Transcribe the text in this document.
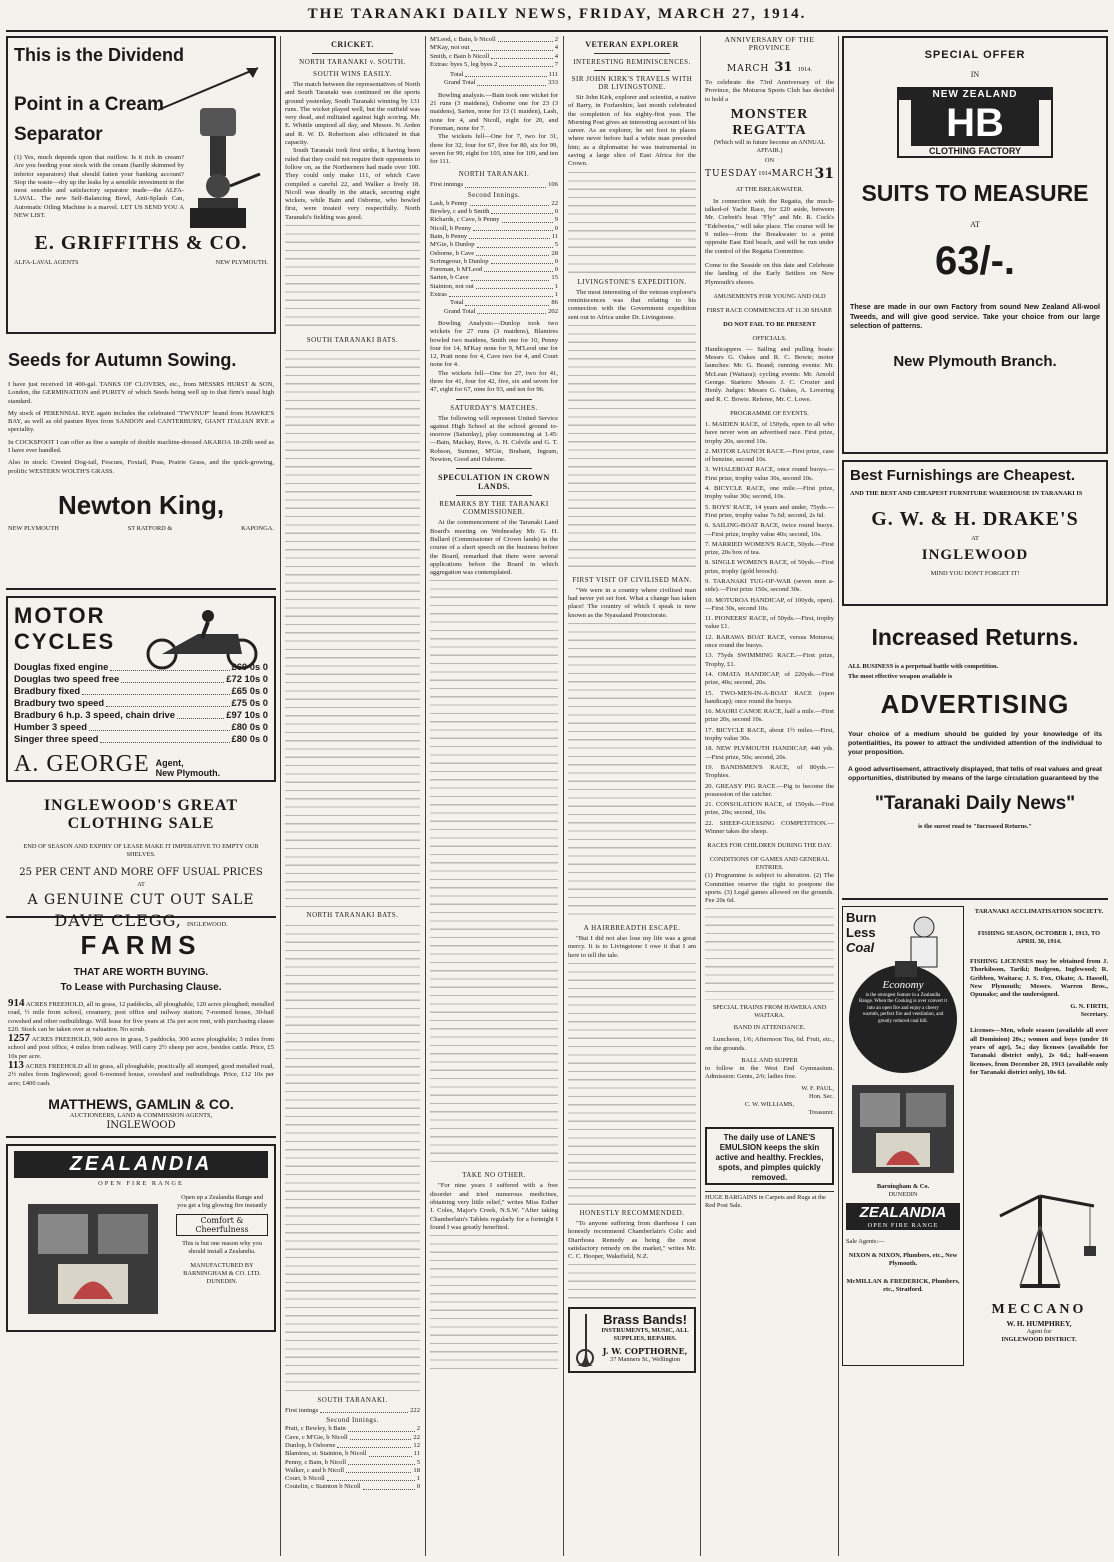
THE TARANAKI DAILY NEWS, FRIDAY, MARCH 27, 1914.
This is the Dividend
Point in a Cream
Separator

(1) Yes, much depends upon that outflow. Is it rich in cream? Are you feeding your stock with the cream (hardly skimmed by inferior separators) that should fatten your banking account? Stop the waste—dry up the leaks by a sensible investment in the most sensible and satisfactory separator made—the ALFA-LAVAL. The new Self-Balancing Bowl, Anti-Splash Can, Automatic Oiling Machine is a marvel. LET US SEND YOU A NEW LIST.

E. GRIFFITHS & CO.
ALFA-LAVAL AGENTS	NEW PLYMOUTH.
Seeds for Autumn Sowing.

I have just received 18 400-gal. TANKS OF CLOVERS, etc., from MESSRS HURST & SON, London, the GERMINATION and PURITY of which Seeds being well up to that firm's usual high standard.

My stock of PERENNIAL RYE again includes the celebrated "TWYNUP" brand from HAWKE'S BAY, as well as old pasture Ryes from SANDON and CANTERBURY, GIANT ITALIAN RYE a speciality.

In COCKSFOOT I can offer as fine a sample of double machine-dressed AKAROA 18-20lb seed as I have ever handled.

Also in stock: Crested Dog-tail, Fescues, Foxtail, Poas, Prairie Grass, and the quick-growing, prolific WESTERN WOLTH'S GRASS.

Newton King,
NEW PLYMOUTH	ST RATFORD &	KAPONGA.
MOTOR
CYCLES
Douglas fixed engine	£60 0s 0
Douglas two speed free	£72 10s 0
Bradbury fixed	£65 0s 0
Bradbury two speed	£75 0s 0
Bradbury 6 h.p. 3 speed, chain drive	£97 10s 0
Humber 3 speed	£80 0s 0
Singer three speed	£80 0s 0
A. GEORGE Agent,
New Plymouth.
INGLEWOOD'S GREAT CLOTHING SALE
END OF SEASON AND EXPIRY OF LEASE MAKE IT IMPERATIVE TO EMPTY OUR SHELVES.
25 PER CENT AND MORE OFF USUAL PRICES
AT
A GENUINE CUT OUT SALE
DAVE CLEGG, INGLEWOOD.
FARMS
THAT ARE WORTH BUYING.
To Lease with Purchasing Clause.

914 ACRES FREEHOLD, all in grass, 12 paddocks, all ploughable, 120 acres ploughed; metalled road, ½ mile from school, creamery, post office and railway station; 7-roomed house, 30-bail cowshed and other outbuildings. Will lease for five years at 15s per acre rent, with purchasing clause £20. Stock can be taken over at valuation. No scrub.

1257 ACRES FREEHOLD, 900 acres in grass, 5 paddocks, 300 acres ploughable; 3 miles from school and post office, 4 miles from railway. Will carry 2½ sheep per acre, besides cattle. Price, £5 10s per acre.

113 ACRES FREEHOLD all in grass, all ploughable, practically all stumped, good metalled road, 2½ miles from Inglewood; good 6-roomed house, cowshed and outbuildings. Price, £12 10s per acre; £400 cash.

MATTHEWS, GAMLIN & CO.
AUCTIONEERS, LAND & COMMISSION AGENTS,
INGLEWOOD
ZEALANDIA
OPEN FIRE RANGE
Open up a Zealandia Range and you get a big glowing fire instantly
Comfort & Cheerfulness
This is but one reason why you should install a Zealandia.
MANUFACTURED BY BARNINGHAM & CO. LTD. DUNEDIN.
CRICKET.
NORTH TARANAKI v. SOUTH.
SOUTH WINS EASILY.

The match between the representatives of North and South Taranaki was continued on the sports ground yesterday, South Taranaki winning by 131 runs. The wicket played well, but the outfield was very dead, and militated against high scoring. Mr. E. Whittle umpired all day, and Messrs. N. Arden and R. W. D. Robertson also officiated in that capacity.

South Taranaki took first strike, it having been ruled that they could not require their opponents to follow on, as the Northerners had made over 100. They could only make 111, of which Cave compiled a careful 22, and Walker a lively 18. Nicoll was deadly in the attack, securing eight wickets, while Bain and Osborne, who bowled first, were treated very respectfully. North Taranaki's fielding was good.

SOUTH TARANAKI BATS.
NORTH TARANAKI BATS.
SOUTH TARANAKI.
First innings	222
Second Innings.
Pratt, c Bewley, b Bain	2
Cave, c M'Gie, b Nicoll	22
Dunlop, b Osborne	12
Blamires, st. Stainton, b Nicoll	11
Penny, c Bain, b Nicoll	5
Walker, c and b Nicoll	18
Court, b Nicoll	1
Coutelin, c Stainton b Nicoll	0
M'Leod, c Bain, b Nicoll	2
M'Kay, not out	4
Smith, c Bain b Nicoll	4
Extras: byes 5, leg byes 2	7
Total	111
Grand Total	333

Bowling analysis.—Bain took one wicket for 21 runs (3 maidens), Osborne one for 23 (3 maidens), Sarten, none for 13 (1 maiden), Lash, none for 4, and Nicoll, eight for 20, and Foreman, none for 7.

The wickets fell—One for 7, two for 31, three for 32, four for 67, five for 80, six for 99, seven for 99, eight for 103, nine for 109, and ten for 111.

NORTH TARANAKI.
First innings	106
Second Innings.
Lash, b Penny	22
Bewley, c and b Smith	0
Richards, c Cave, b Penny	9
Nicoll, b Penny	0
Bain, b Penny	11
M'Gie, b Dunlop	5
Osborne, b Cave	28
Scrimgeour, b Dunlop	0
Foreman, b M'Leod	0
Sarten, b Cave	15
Stainton, not out	1
Extras	1
Total	86
Grand Total	202

Bowling Analysis:—Dunlop took two wickets for 27 runs (3 maidens), Blamires bowled two maidens, Smith one for 10, Penny four for 14, M'Kay none for 9, M'Leod one for 12, Pratt none for 4, Cave two for 4, and Court none for 4.

The wickets fell—One for 27, two for 41, three for 41, four for 42, five, six and seven for 47, eight for 67, nine for 93, and ten for 96.

SATURDAY'S MATCHES.

The following will represent United Service against High School at the school ground to-morrow (Saturday), play commencing at 1.45:—Bain, Mackay, Reve, A. H. Colvile and G. T. Robson, Sumner, M'Gie, Brabant, Ingram, Newton, Good and Osborne.

SPECULATION IN CROWN LANDS.
REMARKS BY THE TARANAKI COMMISSIONER.

At the commencement of the Taranaki Land Board's meeting on Wednesday Mr. G. H. Bullard (Commissioner of Crown lands) in the course of a short speech on the business before the Board, remarked that there were several applications before the Board in which aggregation was contemplated.

TAKE NO OTHER.

"For nine years I suffered with a free disorder and tried numerous medicines, obtaining very little relief," writes Miss Esther J. Coles, Major's Creek, N.S.W. "After taking Chamberlain's Tablets regularly for a fortnight I found I was greatly benefited.

VETERAN EXPLORER
INTERESTING REMINISCENCES.
SIR JOHN KIRK'S TRAVELS WITH DR LIVINGSTONE.

Sir John Kirk, explorer and scientist, a native of Barry, in Forfarshire, last month celebrated the completion of his eighty-first year. The Morning Post gives an interesting account of his career. As an explorer, he set foot in places where never before had a white man preceded him; as a diplomatist he was instrumental in saving a large slice of East Africa for the Crown.

LIVINGSTONE'S EXPEDITION.

The most interesting of the veteran explorer's reminiscences was that relating to his connection with the Government expedition sent out to Africa under Dr. Livingstone.

FIRST VISIT OF CIVILISED MAN.

"We were in a country where civilised man had never yet set foot. What a change has taken place! The country of which I speak is now known as the Nyasaland Protectorate.

A HAIRBREADTH ESCAPE.

"But I did not also lose my life was a great mercy. It is to Livingstone I owe it that I am here to tell the tale.

HONESTLY RECOMMENDED.

"To anyone suffering from diarrhoea I can honestly recommend Chamberlain's Colic and Diarrhoea Remedy as being the most satisfactory remedy on the market," writes Mr. C. C. Hooper, Wakefield, N.Z.

Brass Bands!
INSTRUMENTS, MUSIC, ALL SUPPLIES, REPAIRS.
J. W. COPTHORNE,
37 Manners St., Wellington
ANNIVERSARY OF THE PROVINCE
MARCH 31 1914.

To celebrate the 73rd Anniversary of the Province, the Moturoa Sports Club has decided to hold a

MONSTER
REGATTA
(Which will in future become an ANNUAL AFFAIR.)
ON
TUESDAY 1914 MARCH 31
AT THE BREAKWATER.

In connection with the Regatta, the much-talked-of Yacht Race, for £20 aside, between Mr. Corbett's boat "Fly" and Mr. R. Cock's "Edelweiss," will take place. The course will be 9 miles—from the Breakwater to a point opposite East End beach, and will be run under the control of the Regatta Committee.

Come to the Seaside on this date and Celebrate the landing of the Early Settlers on New Plymouth's shores.

AMUSEMENTS FOR YOUNG AND OLD
FIRST RACE COMMENCES AT 11.30 SHARP.
DO NOT FAIL TO BE PRESENT
OFFICIALS.

Handicappers — Sailing and pulling boats: Messrs G. Oakes and R. C. Bowie; motor launches: Mr. G. Brand; running events: Mr. McLean (Waitara); cycling events: Mr. Arnold George. Starters: Messrs J. C. Crozier and Henly. Judges: Messrs G. Oakes, A. Lovering and R. C. Bowie. Referee, Mr. C. Lowe.

PROGRAMME OF EVENTS.

1. MAIDEN RACE, of 150yds, open to all who have never won an advertised race. First prize, trophy 20s, second 10s.

2. MOTOR LAUNCH RACE.—First prize, case of benzine, second 10s.

3. WHALEBOAT RACE, once round buoys.—First prize, trophy value 30s, second 10s.

4. BICYCLE RACE, one mile.—First prize, trophy value 30s; second, 10s.

5. BOYS' RACE, 14 years and under, 75yds.—First prize, trophy value 7s 6d; second, 2s 6d.

6. SAILING-BOAT RACE, twice round buoys.—First prize, trophy value 40s; second, 10s.

7. MARRIED WOMEN'S RACE, 50yds.—First prize, 20s box of tea.

8. SINGLE WOMEN'S RACE, of 50yds.—First prize, trophy (gold brooch).

9. TARANAKI TUG-OF-WAR (seven men a-side).—First prize 150s, second 30s.

10. MOTUROA HANDICAP, of 100yds, open).—First 30s, second 10s.

11. PIONEERS' RACE, of 50yds.—First, trophy value £1.

12. RARAWA BOAT RACE, versus Moturoa; once round the buoys.

13. 75yds SWIMMING RACE.—First prize, Trophy, £1.

14. OMATA HANDICAP, of 220yds.—First prize, 40s; second, 20s.

15. TWO-MEN-IN-A-BOAT RACE (open handicap); once round the buoys.

16. MAORI CANOE RACE, half a mile.—First prize 20s, second 10s.

17. BICYCLE RACE, about 1½ miles.—First, trophy value 30s.

18. NEW PLYMOUTH HANDICAP, 440 yds.—First prize, 50s; second, 20s.

19. BANDSMEN'S RACE, of 80yds.—Trophies.

20. GREASY PIG RACE.—Pig to become the possession of the catcher.

21. CONSOLATION RACE, of 150yds.—First prize, 20s; second, 10s.

22. SHEEP-GUESSING COMPETITION.—Winner takes the sheep.

RACES FOR CHILDREN DURING THE DAY.
CONDITIONS OF GAMES AND GENERAL ENTRIES.

(1) Programme is subject to alteration. (2) The Committee reserve the right to postpone the sports. (3) Legal games allowed on the grounds. Fee 20s 6d.

SPECIAL TRAINS FROM HAWERA AND WAITARA.
BAND IN ATTENDANCE.

Luncheon, 1/6; Afternoon Tea, 6d. Fruit, etc., on the grounds.

BALL AND SUPPER

to follow in the West End Gymnasium. Admission: Gents, 2/6; ladies free.

W. F. PAUL,
Hon. Sec.
C. W. WILLIAMS,
Treasurer.
The daily use of LANE'S EMULSION keeps the skin active and healthy. Freckles, spots, and pimples quickly removed.
HUGE BARGAINS in Carpets and Rugs at the Red Post Sale.
SPECIAL OFFER
IN
NEW ZEALAND
HB
CLOTHING FACTORY
SUITS TO MEASURE
AT
63/-.

These are made in our own Factory from sound New Zealand All-wool Tweeds, and will give good service. Take your choice from our large selection of patterns.

New Plymouth Branch.
Best Furnishings are Cheapest.
AND THE BEST AND CHEAPEST FURNITURE WAREHOUSE IN TARANAKI IS
G. W. & H. DRAKE'S
AT
INGLEWOOD
MIND YOU DON'T FORGET IT!
Increased Returns.
ALL BUSINESS is a perpetual battle with competition.
The most effective weapon available is
ADVERTISING

Your choice of a medium should be guided by your knowledge of its potentialities, its power to attract the undivided attention of the individual to your proposition.

A good advertisement, attractively displayed, that tells of real values and great opportunities, distributed by means of the large circulation guaranteed by the

"Taranaki Daily News"
is the surest road to "Increased Returns."
Burn
Less
Coal
Economy
is the strongest feature in a Zealandia Range. When the Cooking is over convert it into an open fire and enjoy a cheery warmth, perfect fire and ventilation, and greatly reduced coal bill.
Barningham & Co.
DUNEDIN
ZEALANDIA
OPEN FIRE RANGE
Sale Agents:—
NIXON & NIXON, Plumbers, etc., New Plymouth.
McMILLAN & FREDERICK, Plumbers, etc., Stratford.
TARANAKI ACCLIMATISATION SOCIETY.
FISHING SEASON, OCTOBER 1, 1913, TO APRIL 30, 1914.

FISHING LICENSES may be obtained from J. Thorkilsson, Tariki; Budgeon, Inglewood; R. Gribben, Waitara; J. S. Fox, Okato; A. Hassell, New Plymouth; Messrs. Warren Bros., Opunake; and the undersigned.

G. N. FIRTH,
Secretary.

Licenses—Men, whole season (available all over all Dominion) 20s.; women and boys (under 16 years of age), 5s.; day licenses (available for Taranaki district only), 2s 6d.; half-season licenses, from December 20, 1913 (available only for Taranaki district only), 10s 6d.

MECCANO
W. H. HUMPHREY,
Agent for
INGLEWOOD DISTRICT.
